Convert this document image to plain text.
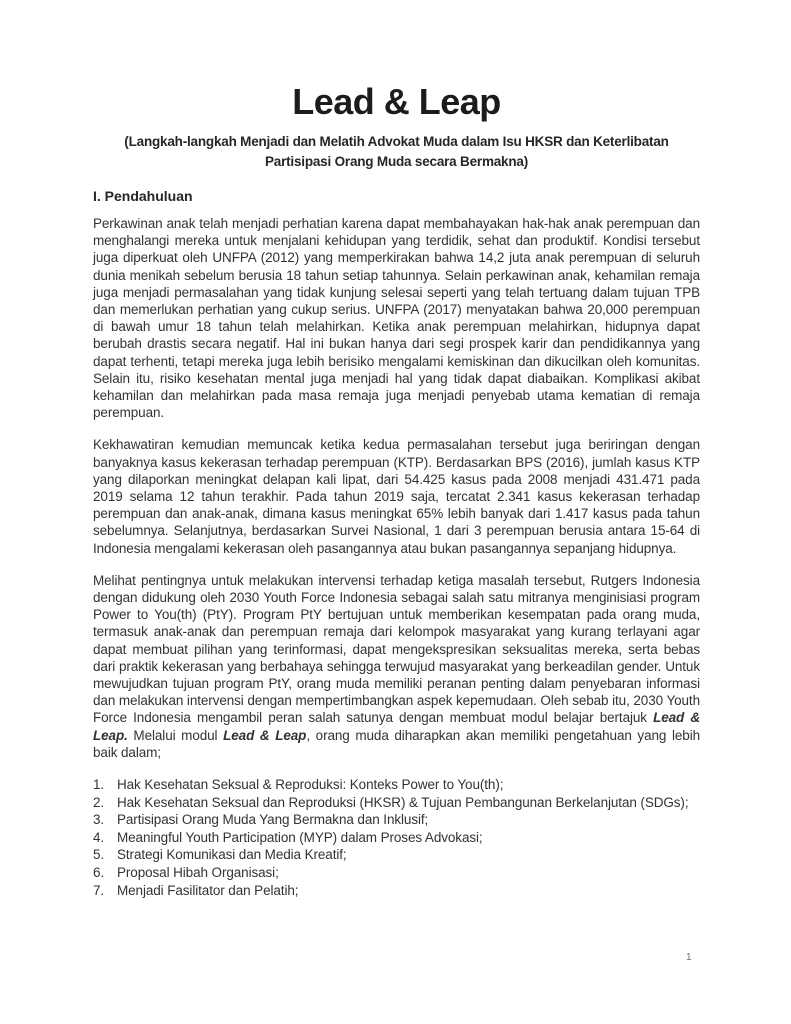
Lead & Leap

(Langkah-langkah Menjadi dan Melatih Advokat Muda dalam Isu HKSR dan Keterlibatan Partisipasi Orang Muda secara Bermakna)

I. Pendahuluan

Perkawinan anak telah menjadi perhatian karena dapat membahayakan hak-hak anak perempuan dan menghalangi mereka untuk menjalani kehidupan yang terdidik, sehat dan produktif. Kondisi tersebut juga diperkuat oleh UNFPA (2012) yang memperkirakan bahwa 14,2 juta anak perempuan di seluruh dunia menikah sebelum berusia 18 tahun setiap tahunnya. Selain perkawinan anak, kehamilan remaja juga menjadi permasalahan yang tidak kunjung selesai seperti yang telah tertuang dalam tujuan TPB dan memerlukan perhatian yang cukup serius. UNFPA (2017) menyatakan bahwa 20,000 perempuan di bawah umur 18 tahun telah melahirkan. Ketika anak perempuan melahirkan, hidupnya dapat berubah drastis secara negatif. Hal ini bukan hanya dari segi prospek karir dan pendidikannya yang dapat terhenti, tetapi mereka juga lebih berisiko mengalami kemiskinan dan dikucilkan oleh komunitas. Selain itu, risiko kesehatan mental juga menjadi hal yang tidak dapat diabaikan. Komplikasi akibat kehamilan dan melahirkan pada masa remaja juga menjadi penyebab utama kematian di remaja perempuan.

Kekhawatiran kemudian memuncak ketika kedua permasalahan tersebut juga beriringan dengan banyaknya kasus kekerasan terhadap perempuan (KTP). Berdasarkan BPS (2016), jumlah kasus KTP yang dilaporkan meningkat delapan kali lipat, dari 54.425 kasus pada 2008 menjadi 431.471 pada 2019 selama 12 tahun terakhir. Pada tahun 2019 saja, tercatat 2.341 kasus kekerasan terhadap perempuan dan anak-anak, dimana kasus meningkat 65% lebih banyak dari 1.417 kasus pada tahun sebelumnya. Selanjutnya, berdasarkan Survei Nasional, 1 dari 3 perempuan berusia antara 15-64 di Indonesia mengalami kekerasan oleh pasangannya atau bukan pasangannya sepanjang hidupnya.

Melihat pentingnya untuk melakukan intervensi terhadap ketiga masalah tersebut, Rutgers Indonesia dengan didukung oleh 2030 Youth Force Indonesia sebagai salah satu mitranya menginisiasi program Power to You(th) (PtY). Program PtY bertujuan untuk memberikan kesempatan pada orang muda, termasuk anak-anak dan perempuan remaja dari kelompok masyarakat yang kurang terlayani agar dapat membuat pilihan yang terinformasi, dapat mengekspresikan seksualitas mereka, serta bebas dari praktik kekerasan yang berbahaya sehingga terwujud masyarakat yang berkeadilan gender. Untuk mewujudkan tujuan program PtY, orang muda memiliki peranan penting dalam penyebaran informasi dan melakukan intervensi dengan mempertimbangkan aspek kepemudaan. Oleh sebab itu, 2030 Youth Force Indonesia mengambil peran salah satunya dengan membuat modul belajar bertajuk Lead & Leap. Melalui modul Lead & Leap, orang muda diharapkan akan memiliki pengetahuan yang lebih baik dalam;

1. Hak Kesehatan Seksual & Reproduksi: Konteks Power to You(th);
2. Hak Kesehatan Seksual dan Reproduksi (HKSR) & Tujuan Pembangunan Berkelanjutan (SDGs);
3. Partisipasi Orang Muda Yang Bermakna dan Inklusif;
4. Meaningful Youth Participation (MYP) dalam Proses Advokasi;
5. Strategi Komunikasi dan Media Kreatif;
6. Proposal Hibah Organisasi;
7. Menjadi Fasilitator dan Pelatih;
1
